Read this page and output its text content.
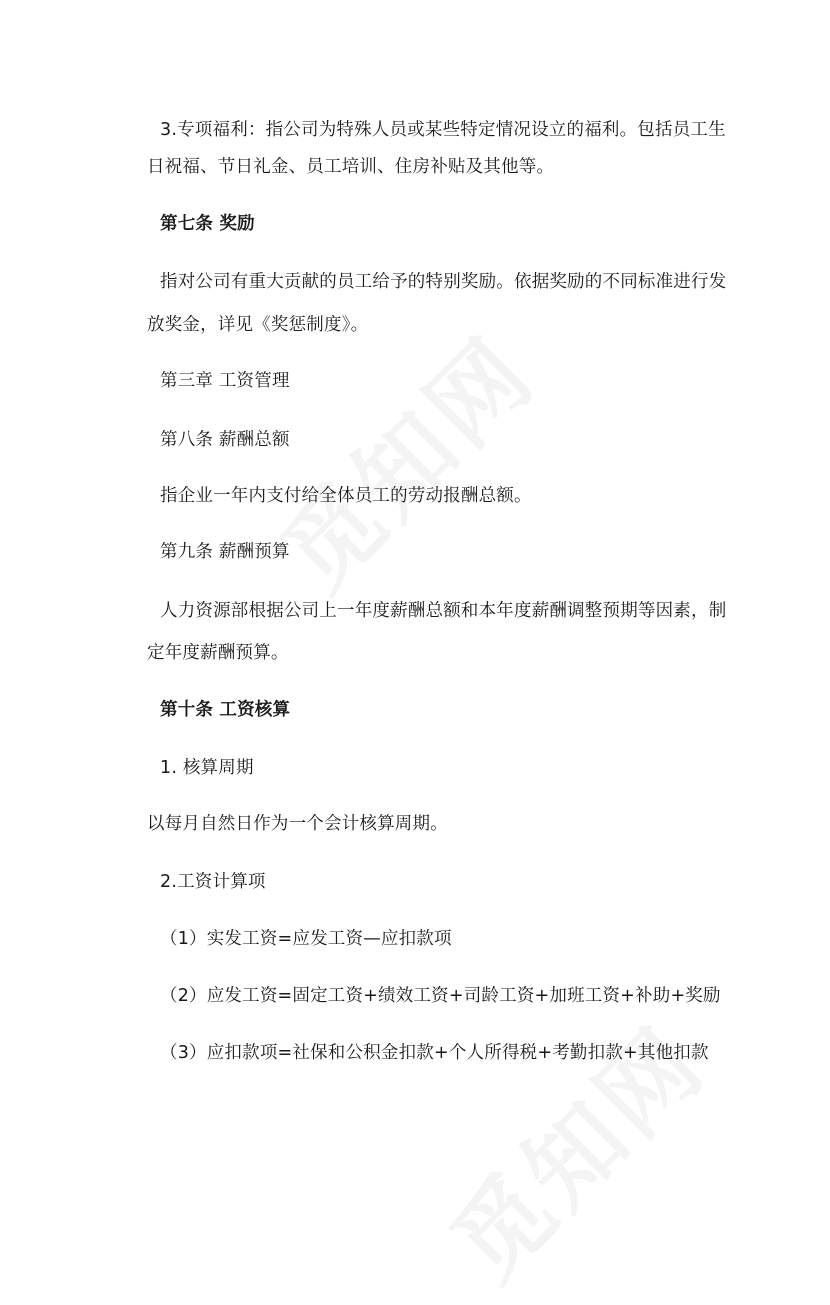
3.专项福利：指公司为特殊人员或某些特定情况设立的福利。包括员工生
日祝福、节日礼金、员工培训、住房补贴及其他等。
第七条 奖励
指对公司有重大贡献的员工给予的特别奖励。依据奖励的不同标准进行发
放奖金，详见《奖惩制度》。
第三章 工资管理
第八条 薪酬总额
指企业一年内支付给全体员工的劳动报酬总额。
第九条 薪酬预算
人力资源部根据公司上一年度薪酬总额和本年度薪酬调整预期等因素，制
定年度薪酬预算。
第十条 工资核算
1. 核算周期
以每月自然日作为一个会计核算周期。
2.工资计算项
（1）实发工资=应发工资—应扣款项
（2）应发工资=固定工资+绩效工资+司龄工资+加班工资+补助+奖励
（3）应扣款项=社保和公积金扣款+个人所得税+考勤扣款+其他扣款
